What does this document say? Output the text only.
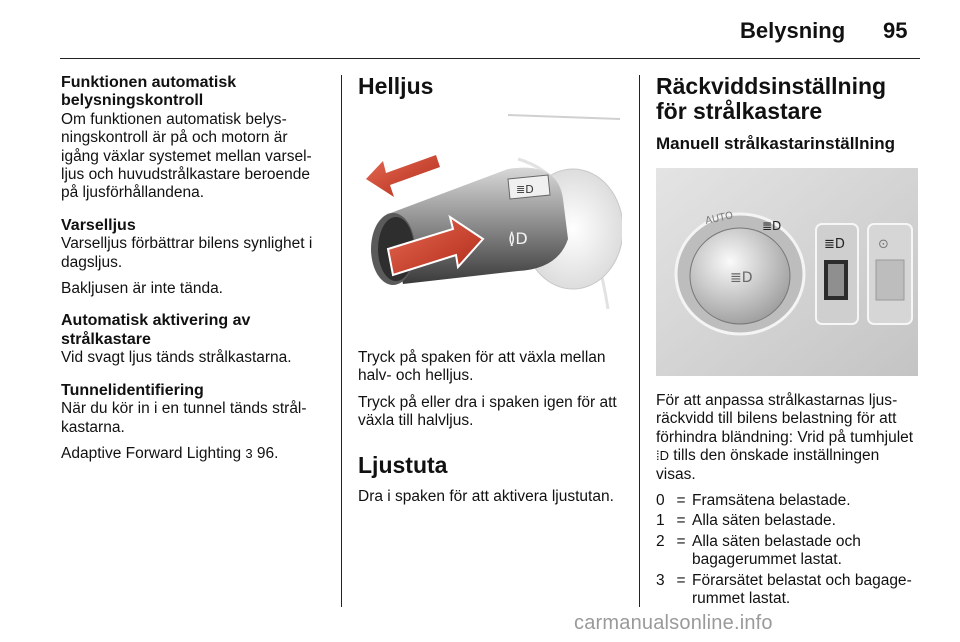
Belysning 95
Funktionen automatisk belysningskontroll

Om funktionen automatisk belysningskontroll är på och motorn är igång växlar systemet mellan varselljus och huvudstrålkastare beroende på ljusförhållandena.

Varselljus

Varselljus förbättrar bilens synlighet i dagsljus.

Bakljusen är inte tända.

Automatisk aktivering av strålkastare

Vid svagt ljus tänds strålkastarna.

Tunnelidentifiering

När du kör in i en tunnel tänds strålkastarna.

Adaptive Forward Lighting 3 96.

Helljus
≣D
≬D

Tryck på spaken för att växla mellan halv- och helljus.

Tryck på eller dra i spaken igen för att växla till halvljus.

Ljustuta

Dra i spaken för att aktivera ljustutan.

Räckviddsinställning för strålkastare
Manuell strålkastarinställning
≣D
AUTO ≣D
≣D	⊙

För att anpassa strålkastarnas ljusräckvidd till bilens belastning för att förhindra bländning: Vrid på tumhjulet ⁞D tills den önskade inställningen visas.

0 = Framsätena belastade.
1 = Alla säten belastade.
2 = Alla säten belastade och bagagerummet lastat.
3 = Förarsätet belastat och bagagerummet lastat.
carmanualsonline.info
